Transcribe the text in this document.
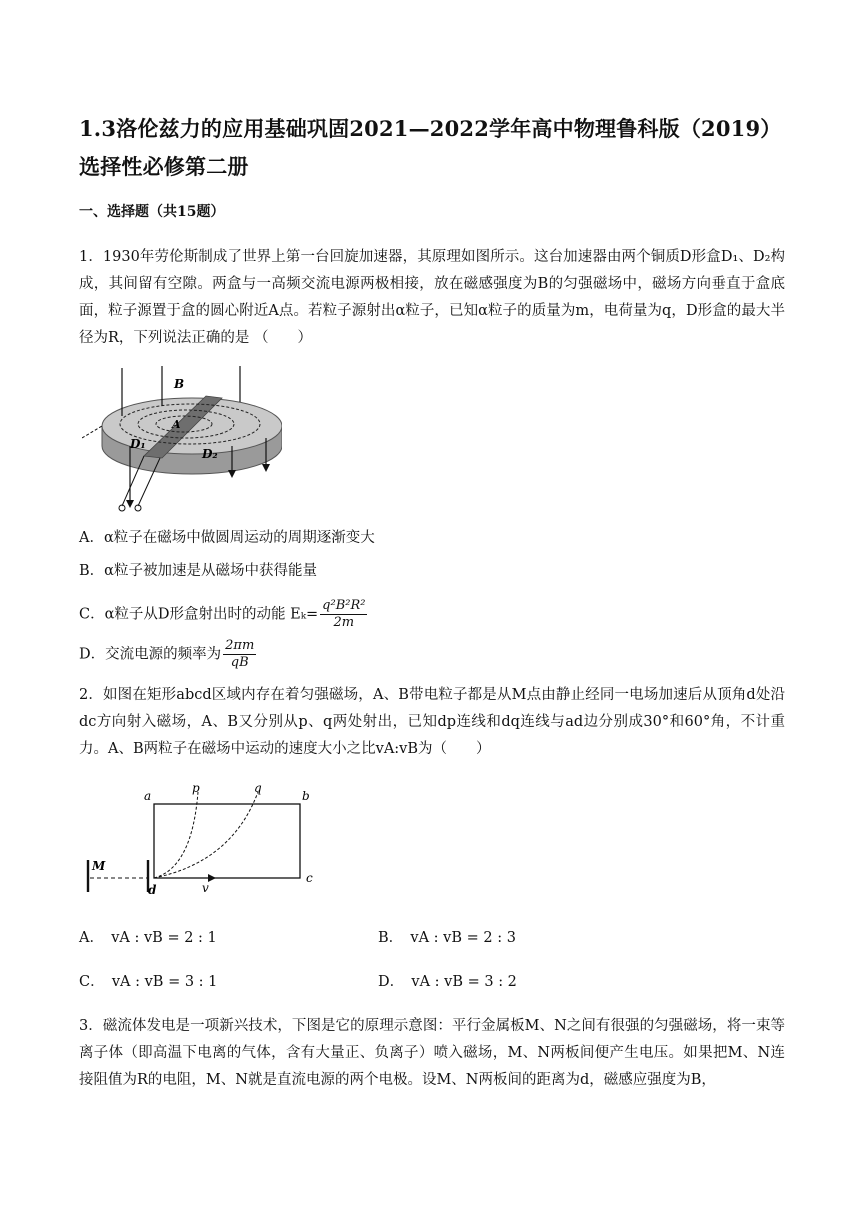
1.3洛伦兹力的应用基础巩固2021—2022学年高中物理鲁科版（2019）选择性必修第二册
一、选择题（共15题）
1．1930年劳伦斯制成了世界上第一台回旋加速器，其原理如图所示。这台加速器由两个铜质D形盒D₁、D₂构成，其间留有空隙。两盒与一高频交流电源两极相接，放在磁感强度为B的匀强磁场中，磁场方向垂直于盒底面，粒子源置于盒的圆心附近A点。若粒子源射出α粒子，已知α粒子的质量为m，电荷量为q，D形盒的最大半径为R，下列说法正确的是 （　　）
B
A
D₁
D₂
A．α粒子在磁场中做圆周运动的周期逐渐变大
B．α粒子被加速是从磁场中获得能量
C．α粒子从D形盒射出时的动能 $E_k= \frac{\text{q²B²R²}}{2m}$
D．交流电源的频率为 $\frac{2\pi m}{qB}$
2．如图在矩形abcd区域内存在着匀强磁场，A、B带电粒子都是从M点由静止经同一电场加速后从顶角d处沿dc方向射入磁场，A、B又分别从p、q两处射出，已知dp连线和dq连线与ad边分别成30°和60°角，不计重力。A、B两粒子在磁场中运动的速度大小之比vA:vB为（　　）
a
p	q
b
c
d
M
v
A．　vA : vB = 2 : 1	B．　vA : vB = 2 : 3
C．　vA : vB = 3 : 1	D．　vA : vB = 3 : 2
3．磁流体发电是一项新兴技术，下图是它的原理示意图：平行金属板M、N之间有很强的匀强磁场，将一束等离子体（即高温下电离的气体，含有大量正、负离子）喷入磁场，M、N两板间便产生电压。如果把M、N连接阻值为R的电阻，M、N就是直流电源的两个电极。设M、N两板间的距离为d，磁感应强度为B，
